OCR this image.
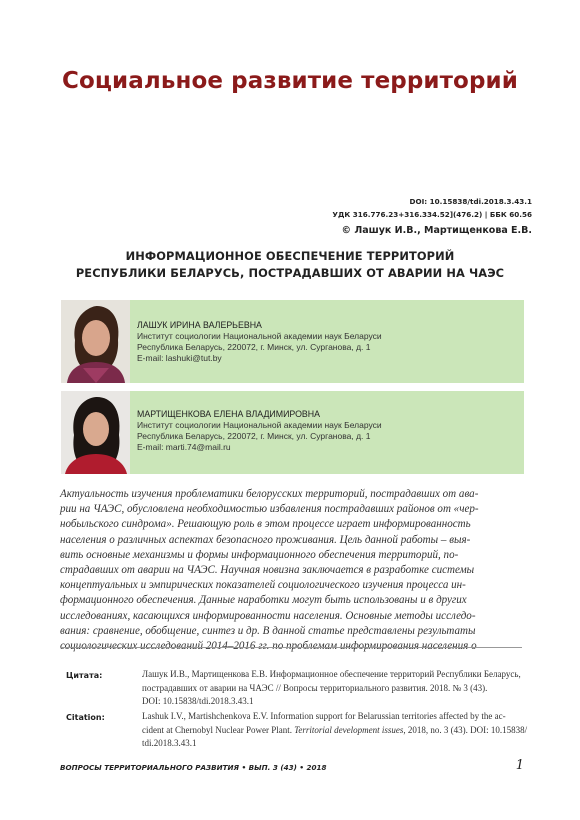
Социальное развитие территорий
DOI: 10.15838/tdi.2018.3.43.1
УДК 316.776.23+316.334.52](476.2) | ББК 60.56
© Лашук И.В., Мартищенкова Е.В.
ИНФОРМАЦИОННОЕ ОБЕСПЕЧЕНИЕ ТЕРРИТОРИЙ
РЕСПУБЛИКИ БЕЛАРУСЬ, ПОСТРАДАВШИХ ОТ АВАРИИ НА ЧАЭС
ЛАШУК ИРИНА ВАЛЕРЬЕВНА
Институт социологии Национальной академии наук Беларуси
Республика Беларусь, 220072, г. Минск, ул. Сурганова, д. 1
E-mail: lashuki@tut.by
МАРТИЩЕНКОВА ЕЛЕНА ВЛАДИМИРОВНА
Институт социологии Национальной академии наук Беларуси
Республика Беларусь, 220072, г. Минск, ул. Сурганова, д. 1
E-mail: marti.74@mail.ru
Актуальность изучения проблематики белорусских территорий, пострадавших от ава-
рии на ЧАЭС, обусловлена необходимостью избавления пострадавших районов от «чер-
нобыльского синдрома». Решающую роль в этом процессе играет информированность
населения о различных аспектах безопасного проживания. Цель данной работы – выя-
вить основные механизмы и формы информационного обеспечения территорий, по-
страдавших от аварии на ЧАЭС. Научная новизна заключается в разработке системы
концептуальных и эмпирических показателей социологического изучения процесса ин-
формационного обеспечения. Данные наработки могут быть использованы и в других
исследованиях, касающихся информированности населения. Основные методы исследо-
вания: сравнение, обобщение, синтез и др. В данной статье представлены результаты
Цитата:	Лашук И.В., Мартищенкова Е.В. Информационное обеспечение территорий Республики Беларусь,
пострадавших от аварии на ЧАЭС // Вопросы территориального развития. 2018. № 3 (43).
DOI: 10.15838/tdi.2018.3.43.1
Citation:	Lashuk I.V., Martishchenkova E.V. Information support for Belarussian territories affected by the ac-
cident at Chernobyl Nuclear Power Plant. Territorial development issues, 2018, no. 3 (43). DOI: 10.15838/
tdi.2018.3.43.1
ВОПРОСЫ ТЕРРИТОРИАЛЬНОГО РАЗВИТИЯ • ВЫП. 3 (43) • 2018	1
